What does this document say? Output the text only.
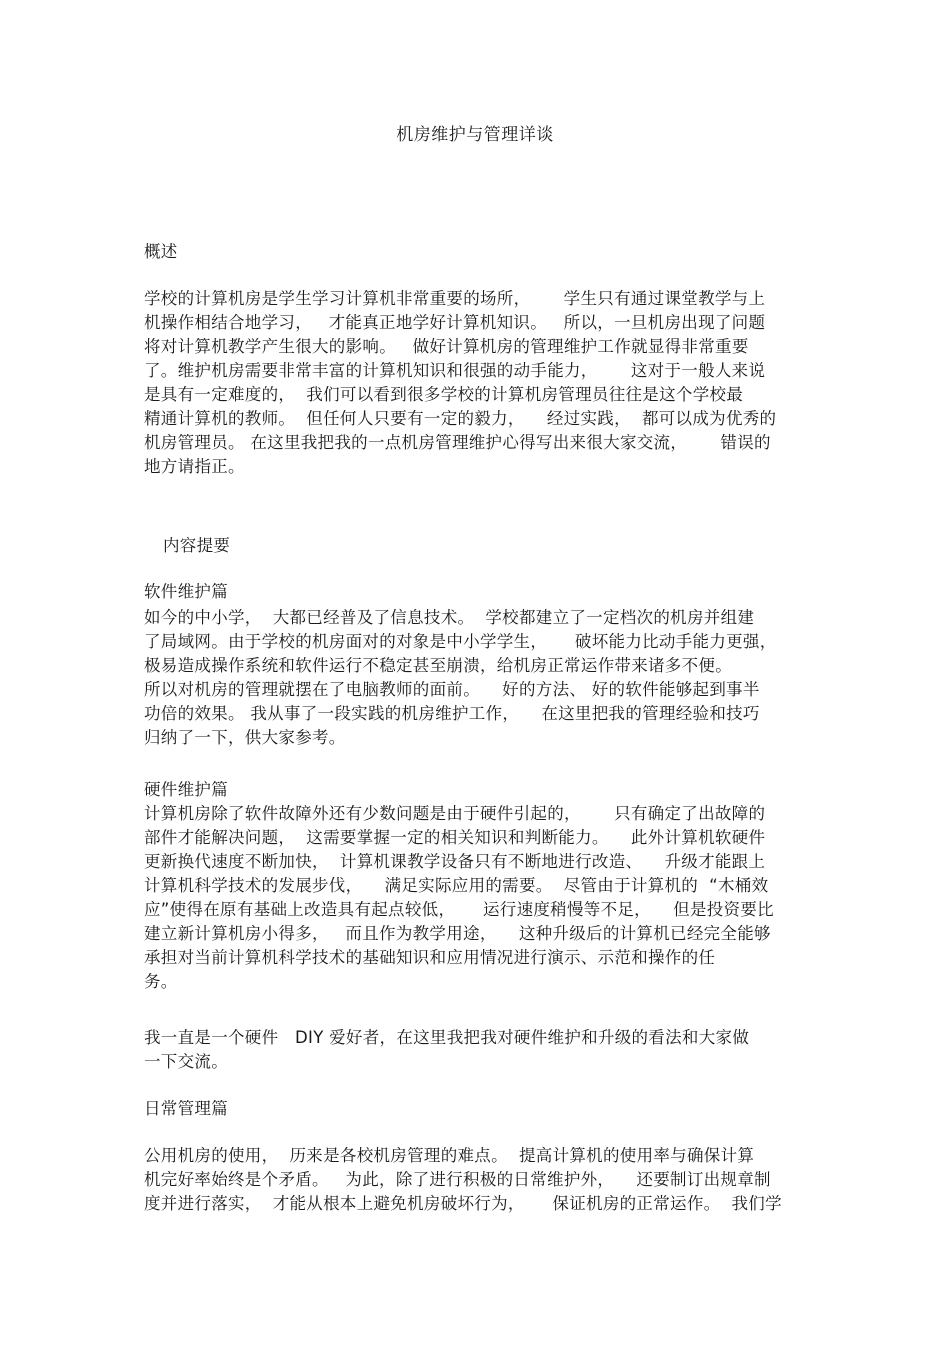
机房维护与管理详谈
概述
学校的计算机房是学生学习计算机非常重要的场所，      学生只有通过课堂教学与上
机操作相结合地学习，   才能真正地学好计算机知识。   所以，一旦机房出现了问题
将对计算机教学产生很大的影响。   做好计算机房的管理维护工作就显得非常重要
了。维护机房需要非常丰富的计算机知识和很强的动手能力，      这对于一般人来说
是具有一定难度的，  我们可以看到很多学校的计算机房管理员往往是这个学校最
精通计算机的教师。  但任何人只要有一定的毅力，    经过实践，  都可以成为优秀的
机房管理员。 在这里我把我的一点机房管理维护心得写出来很大家交流，      错误的
地方请指正。
内容提要
软件维护篇
如今的中小学，  大都已经普及了信息技术。  学校都建立了一定档次的机房并组建
了局域网。由于学校的机房面对的对象是中小学学生，     破坏能力比动手能力更强，
极易造成操作系统和软件运行不稳定甚至崩溃，给机房正常运作带来诸多不便。
所以对机房的管理就摆在了电脑教师的面前。    好的方法、 好的软件能够起到事半
功倍的效果。 我从事了一段实践的机房维护工作，    在这里把我的管理经验和技巧
归纳了一下，供大家参考。
硬件维护篇
计算机房除了软件故障外还有少数问题是由于硬件引起的，      只有确定了出故障的
部件才能解决问题，  这需要掌握一定的相关知识和判断能力。    此外计算机软硬件
更新换代速度不断加快，  计算机课教学设备只有不断地进行改造、    升级才能跟上
计算机科学技术的发展步伐，    满足实际应用的需要。  尽管由于计算机的  “木桶效
应”使得在原有基础上改造具有起点较低，     运行速度稍慢等不足，    但是投资要比
建立新计算机房小得多，   而且作为教学用途，    这种升级后的计算机已经完全能够
承担对当前计算机科学技术的基础知识和应用情况进行演示、示范和操作的任
务。
我一直是一个硬件   DIY 爱好者，在这里我把我对硬件维护和升级的看法和大家做
一下交流。
日常管理篇
公用机房的使用，  历来是各校机房管理的难点。  提高计算机的使用率与确保计算
机完好率始终是个矛盾。   为此，除了进行积极的日常维护外，    还要制订出规章制
度并进行落实，  才能从根本上避免机房破坏行为，     保证机房的正常运作。  我们学
